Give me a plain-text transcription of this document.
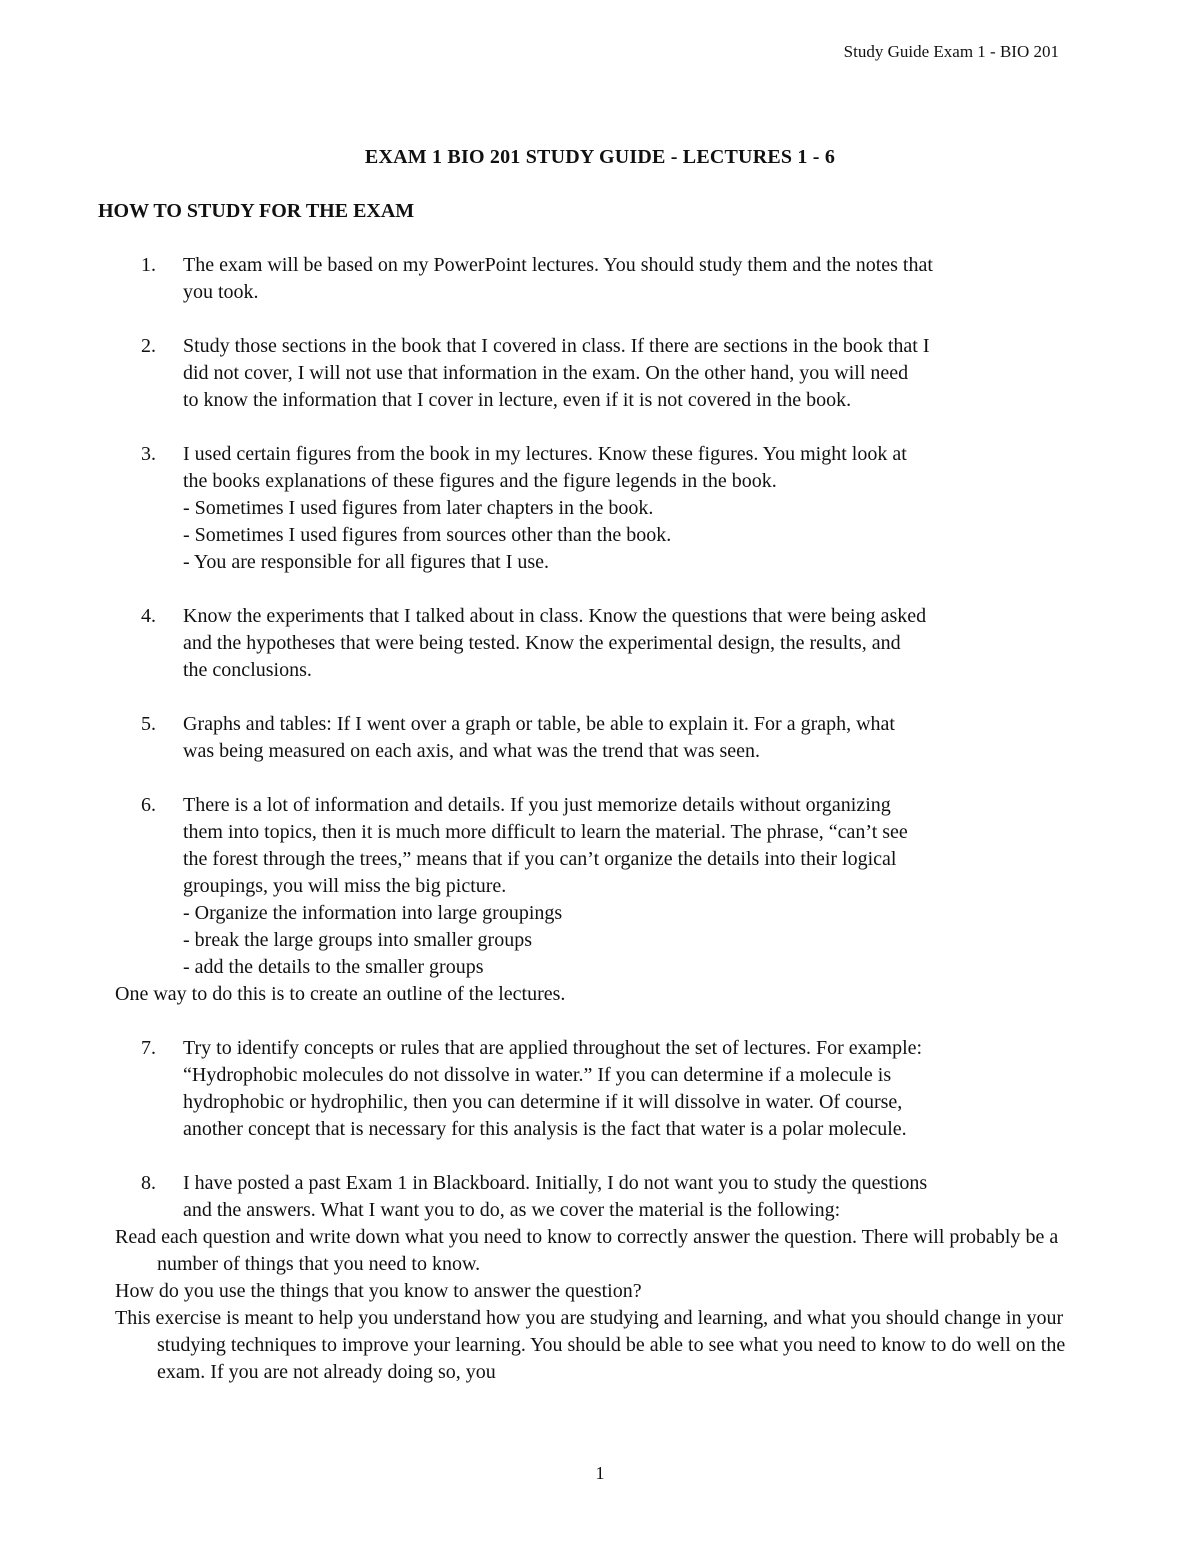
Study Guide Exam 1 - BIO 201
EXAM 1 BIO 201 STUDY GUIDE - LECTURES 1 - 6
HOW TO STUDY FOR THE EXAM
1. The exam will be based on my PowerPoint lectures. You should study them and the notes that
you took.
2. Study those sections in the book that I covered in class. If there are sections in the book that I
did not cover, I will not use that information in the exam. On the other hand, you will need
to know the information that I cover in lecture, even if it is not covered in the book.
3. I used certain figures from the book in my lectures. Know these figures. You might look at
the books explanations of these figures and the figure legends in the book.
- Sometimes I used figures from later chapters in the book.
- Sometimes I used figures from sources other than the book.
- You are responsible for all figures that I use.
4. Know the experiments that I talked about in class. Know the questions that were being asked
and the hypotheses that were being tested. Know the experimental design, the results, and
the conclusions.
5. Graphs and tables: If I went over a graph or table, be able to explain it. For a graph, what
was being measured on each axis, and what was the trend that was seen.
6. There is a lot of information and details. If you just memorize details without organizing
them into topics, then it is much more difficult to learn the material. The phrase, “can’t see
the forest through the trees,” means that if you can’t organize the details into their logical
groupings, you will miss the big picture.
- Organize the information into large groupings
- break the large groups into smaller groups
- add the details to the smaller groups
One way to do this is to create an outline of the lectures.
7. Try to identify concepts or rules that are applied throughout the set of lectures. For example:
“Hydrophobic molecules do not dissolve in water.” If you can determine if a molecule is
hydrophobic or hydrophilic, then you can determine if it will dissolve in water. Of course,
another concept that is necessary for this analysis is the fact that water is a polar molecule.
8. I have posted a past Exam 1 in Blackboard. Initially, I do not want you to study the questions
and the answers. What I want you to do, as we cover the material is the following:
Read each question and write down what you need to know to correctly answer the question. There will probably be a number of things that you need to know.
How do you use the things that you know to answer the question?
This exercise is meant to help you understand how you are studying and learning, and what you should change in your studying techniques to improve your learning. You should be able to see what you need to know to do well on the exam. If you are not already doing so, you
1
